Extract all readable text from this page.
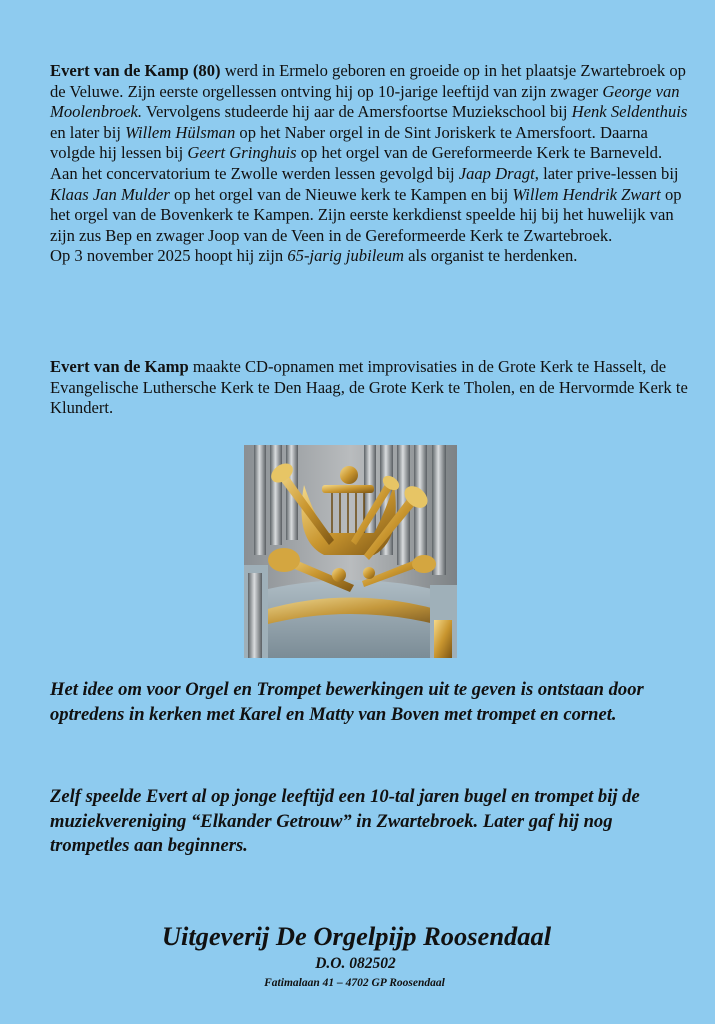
Evert van de Kamp (80) werd in Ermelo geboren en groeide op in het plaatsje Zwartebroek op de Veluwe. Zijn eerste orgellessen ontving hij op 10-jarige leeftijd van zijn zwager George van Moolenbroek. Vervolgens studeerde hij aar de Amersfoortse Muziekschool bij Henk Seldenthuis en later bij Willem Hülsman op het Naber orgel in de Sint Joriskerk te Amersfoort. Daarna volgde hij lessen bij Geert Gringhuis op het orgel van de Gereformeerde Kerk te Barneveld. Aan het concervatorium te Zwolle werden lessen gevolgd bij Jaap Dragt, later prive-lessen bij Klaas Jan Mulder op het orgel van de Nieuwe kerk te Kampen en bij Willem Hendrik Zwart op het orgel van de Bovenkerk te Kampen. Zijn eerste kerkdienst speelde hij bij het huwelijk van zijn zus Bep en zwager Joop van de Veen in de Gereformeerde Kerk te Zwartebroek.
Op 3 november 2025 hoopt hij zijn 65-jarig jubileum als organist te herdenken.

Evert van de Kamp maakte CD-opnamen met improvisaties in de Grote Kerk te Hasselt, de Evangelische Luthersche Kerk te Den Haag, de Grote Kerk te Tholen, en de Hervormde Kerk te Klundert.

Het idee om voor Orgel en Trompet bewerkingen uit te geven is ontstaan door optredens in kerken met Karel en Matty van Boven met trompet en cornet.

Zelf speelde Evert al op jonge leeftijd een 10-tal jaren bugel en trompet bij de muziekvereniging “Elkander Getrouw” in Zwartebroek. Later gaf hij nog trompetles aan beginners.

Uitgeverij De Orgelpijp Roosendaal

D.O. 082502

Fatimalaan 41 – 4702 GP Roosendaal
